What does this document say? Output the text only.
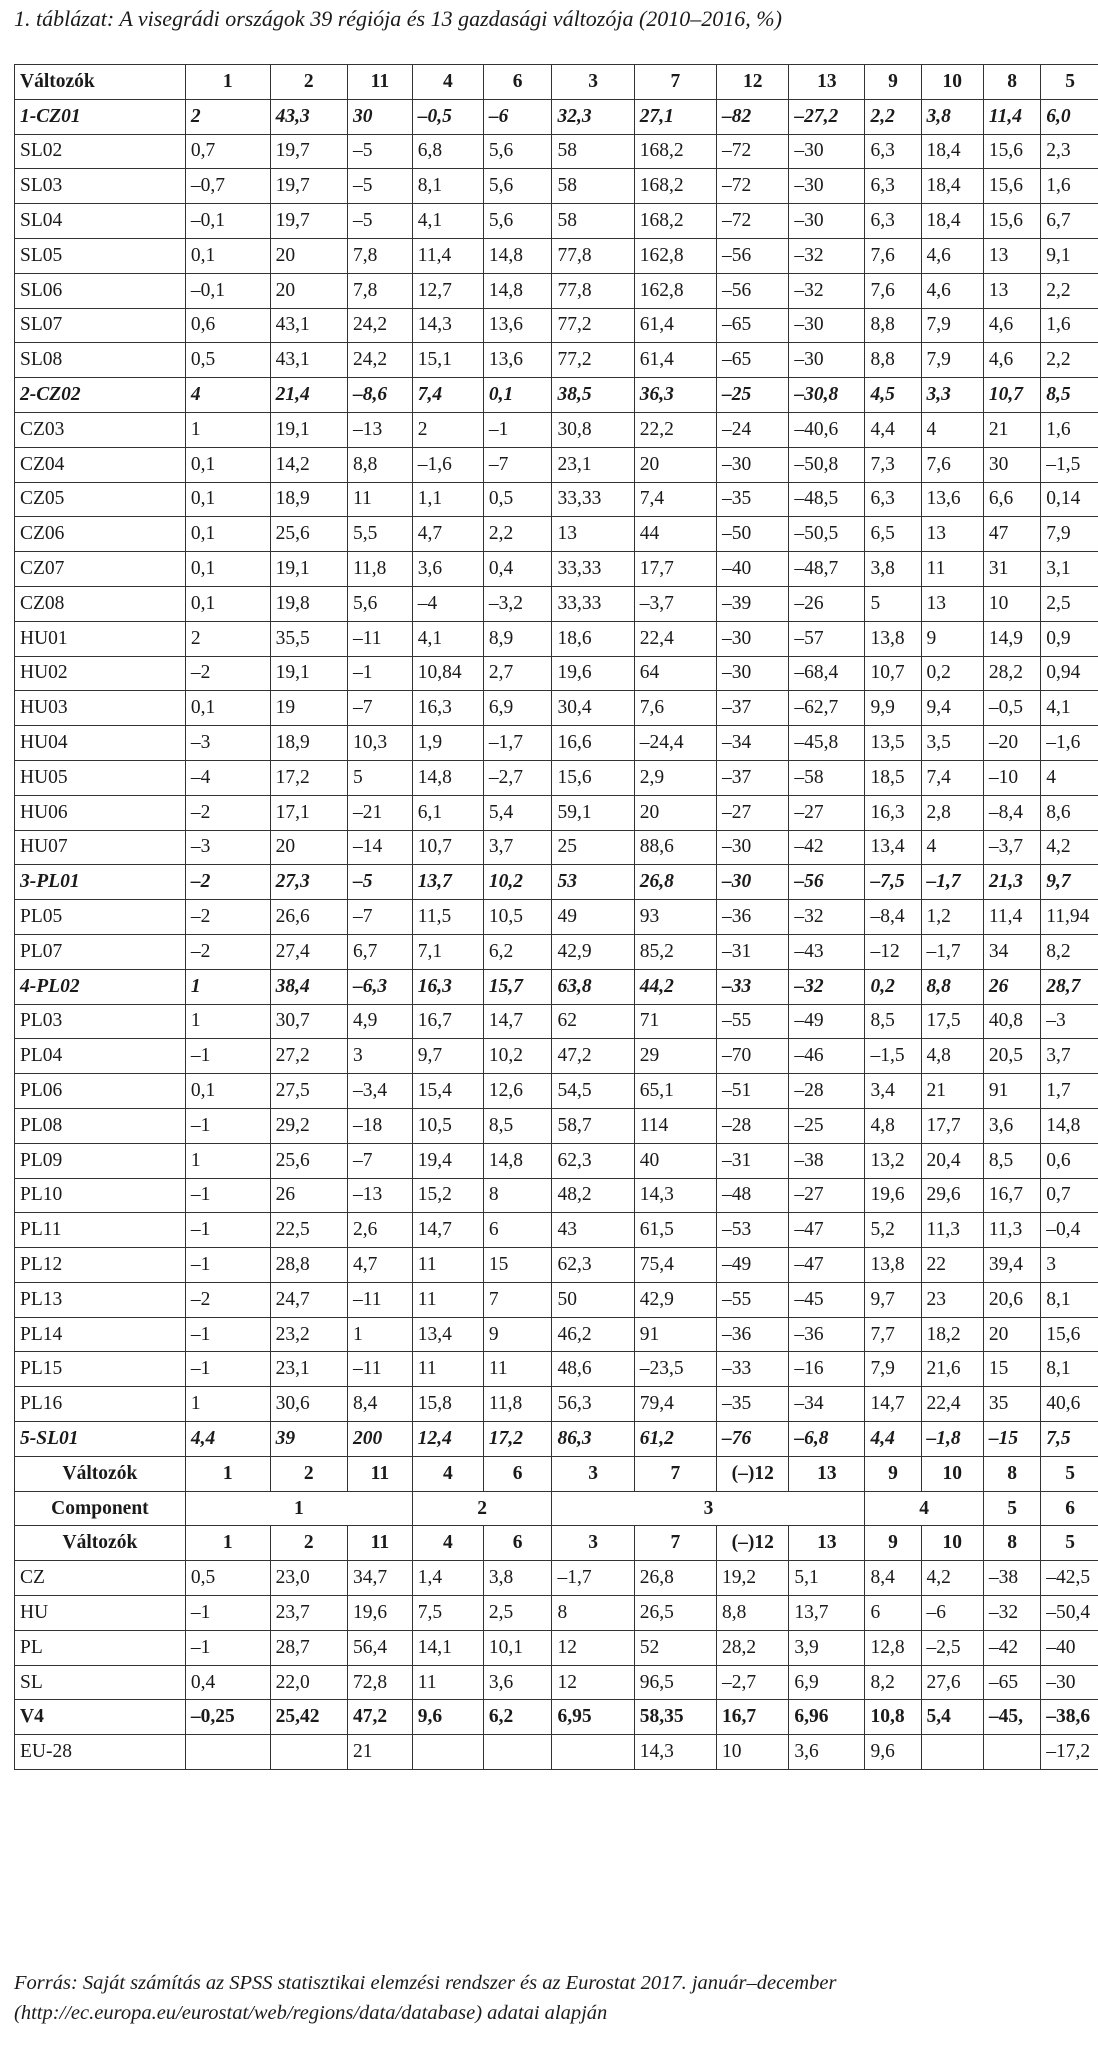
1. táblázat: A visegrádi országok 39 régiója és 13 gazdasági változója (2010–2016, %)
Változók	1	2	11	4	6	3	7	12	13	9	10	8	5
1-CZ01	2	43,3	30	–0,5	–6	32,3	27,1	–82	–27,2	2,2	3,8	11,4	6,0
SL02	0,7	19,7	–5	6,8	5,6	58	168,2	–72	–30	6,3	18,4	15,6	2,3
SL03	–0,7	19,7	–5	8,1	5,6	58	168,2	–72	–30	6,3	18,4	15,6	1,6
SL04	–0,1	19,7	–5	4,1	5,6	58	168,2	–72	–30	6,3	18,4	15,6	6,7
SL05	0,1	20	7,8	11,4	14,8	77,8	162,8	–56	–32	7,6	4,6	13	9,1
SL06	–0,1	20	7,8	12,7	14,8	77,8	162,8	–56	–32	7,6	4,6	13	2,2
SL07	0,6	43,1	24,2	14,3	13,6	77,2	61,4	–65	–30	8,8	7,9	4,6	1,6
SL08	0,5	43,1	24,2	15,1	13,6	77,2	61,4	–65	–30	8,8	7,9	4,6	2,2
2-CZ02	4	21,4	–8,6	7,4	0,1	38,5	36,3	–25	–30,8	4,5	3,3	10,7	8,5
CZ03	1	19,1	–13	2	–1	30,8	22,2	–24	–40,6	4,4	4	21	1,6
CZ04	0,1	14,2	8,8	–1,6	–7	23,1	20	–30	–50,8	7,3	7,6	30	–1,5
CZ05	0,1	18,9	11	1,1	0,5	33,33	7,4	–35	–48,5	6,3	13,6	6,6	0,14
CZ06	0,1	25,6	5,5	4,7	2,2	13	44	–50	–50,5	6,5	13	47	7,9
CZ07	0,1	19,1	11,8	3,6	0,4	33,33	17,7	–40	–48,7	3,8	11	31	3,1
CZ08	0,1	19,8	5,6	–4	–3,2	33,33	–3,7	–39	–26	5	13	10	2,5
HU01	2	35,5	–11	4,1	8,9	18,6	22,4	–30	–57	13,8	9	14,9	0,9
HU02	–2	19,1	–1	10,84	2,7	19,6	64	–30	–68,4	10,7	0,2	28,2	0,94
HU03	0,1	19	–7	16,3	6,9	30,4	7,6	–37	–62,7	9,9	9,4	–0,5	4,1
HU04	–3	18,9	10,3	1,9	–1,7	16,6	–24,4	–34	–45,8	13,5	3,5	–20	–1,6
HU05	–4	17,2	5	14,8	–2,7	15,6	2,9	–37	–58	18,5	7,4	–10	4
HU06	–2	17,1	–21	6,1	5,4	59,1	20	–27	–27	16,3	2,8	–8,4	8,6
HU07	–3	20	–14	10,7	3,7	25	88,6	–30	–42	13,4	4	–3,7	4,2
3-PL01	–2	27,3	–5	13,7	10,2	53	26,8	–30	–56	–7,5	–1,7	21,3	9,7
PL05	–2	26,6	–7	11,5	10,5	49	93	–36	–32	–8,4	1,2	11,4	11,94
PL07	–2	27,4	6,7	7,1	6,2	42,9	85,2	–31	–43	–12	–1,7	34	8,2
4-PL02	1	38,4	–6,3	16,3	15,7	63,8	44,2	–33	–32	0,2	8,8	26	28,7
PL03	1	30,7	4,9	16,7	14,7	62	71	–55	–49	8,5	17,5	40,8	–3
PL04	–1	27,2	3	9,7	10,2	47,2	29	–70	–46	–1,5	4,8	20,5	3,7
PL06	0,1	27,5	–3,4	15,4	12,6	54,5	65,1	–51	–28	3,4	21	91	1,7
PL08	–1	29,2	–18	10,5	8,5	58,7	114	–28	–25	4,8	17,7	3,6	14,8
PL09	1	25,6	–7	19,4	14,8	62,3	40	–31	–38	13,2	20,4	8,5	0,6
PL10	–1	26	–13	15,2	8	48,2	14,3	–48	–27	19,6	29,6	16,7	0,7
PL11	–1	22,5	2,6	14,7	6	43	61,5	–53	–47	5,2	11,3	11,3	–0,4
PL12	–1	28,8	4,7	11	15	62,3	75,4	–49	–47	13,8	22	39,4	3
PL13	–2	24,7	–11	11	7	50	42,9	–55	–45	9,7	23	20,6	8,1
PL14	–1	23,2	1	13,4	9	46,2	91	–36	–36	7,7	18,2	20	15,6
PL15	–1	23,1	–11	11	11	48,6	–23,5	–33	–16	7,9	21,6	15	8,1
PL16	1	30,6	8,4	15,8	11,8	56,3	79,4	–35	–34	14,7	22,4	35	40,6
5-SL01	4,4	39	200	12,4	17,2	86,3	61,2	–76	–6,8	4,4	–1,8	–15	7,5
Változók	1	2	11	4	6	3	7	(–)12	13	9	10	8	5
Component	1			2		3				4		5	6
Változók	1	2	11	4	6	3	7	(–)12	13	9	10	8	5
CZ	0,5	23,0	34,7	1,4	3,8	–1,7	26,8	19,2	5,1	8,4	4,2	–38	–42,5
HU	–1	23,7	19,6	7,5	2,5	8	26,5	8,8	13,7	6	–6	–32	–50,4
PL	–1	28,7	56,4	14,1	10,1	12	52	28,2	3,9	12,8	–2,5	–42	–40
SL	0,4	22,0	72,8	11	3,6	12	96,5	–2,7	6,9	8,2	27,6	–65	–30
V4	–0,25	25,42	47,2	9,6	6,2	6,95	58,35	16,7	6,96	10,8	5,4	–45,	–38,6
EU-28			21				14,3	10	3,6	9,6			–17,2
Forrás: Saját számítás az SPSS statisztikai elemzési rendszer és az Eurostat 2017. január–december
(http://ec.europa.eu/eurostat/web/regions/data/database) adatai alapján
